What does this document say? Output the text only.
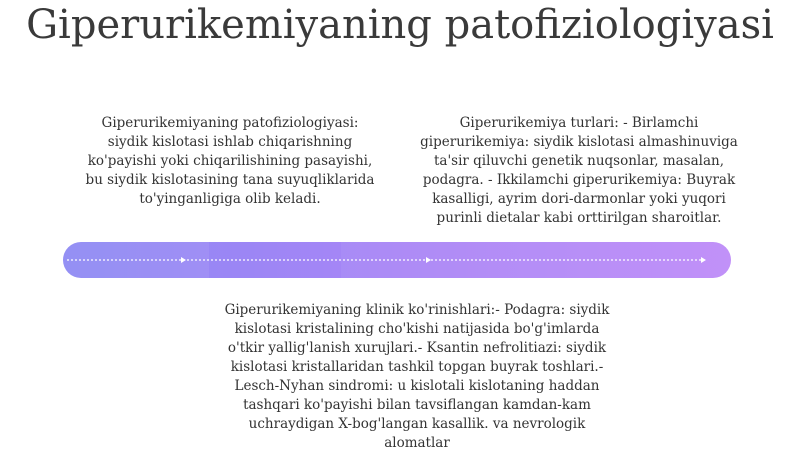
Giperurikemiyaning patofiziologiyasi
Giperurikemiyaning patofiziologiyasi: siydik kislotasi ishlab chiqarishning ko'payishi yoki chiqarilishining pasayishi, bu siydik kislotasining tana suyuqliklarida to'yinganligiga olib keladi.
Giperurikemiya turlari: - Birlamchi giperurikemiya: siydik kislotasi almashinuviga ta'sir qiluvchi genetik nuqsonlar, masalan, podagra. - Ikkilamchi giperurikemiya: Buyrak kasalligi, ayrim dori-darmonlar yoki yuqori purinli dietalar kabi orttirilgan sharoitlar.
Giperurikemiyaning klinik ko'rinishlari:- Podagra: siydik kislotasi kristalining cho'kishi natijasida bo'g'imlarda o'tkir yallig'lanish xurujlari.- Ksantin nefrolitiazi: siydik kislotasi kristallaridan tashkil topgan buyrak toshlari.- Lesch-Nyhan sindromi: u kislotali kislotaning haddan tashqari ko'payishi bilan tavsiflangan kamdan-kam uchraydigan X-bog'langan kasallik. va nevrologik alomatlar
